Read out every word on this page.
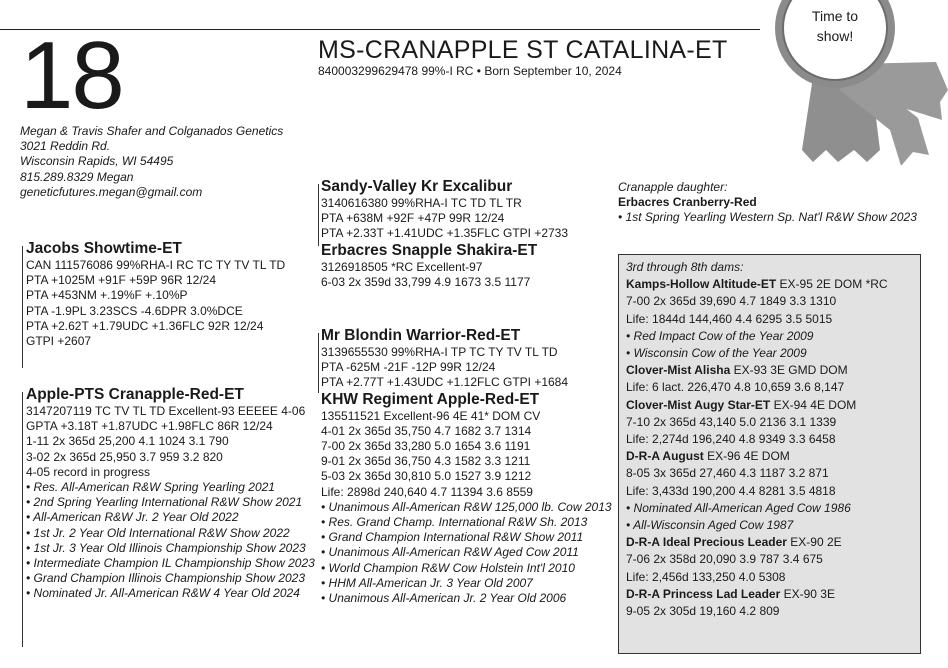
Time to
show!
18	MS-CRANAPPLE ST CATALINA-ET
840003299629478 99%-I RC • Born September 10, 2024
Megan & Travis Shafer and Colganados Genetics
3021 Reddin Rd.
Wisconsin Rapids, WI 54495
815.289.8329 Megan
geneticfutures.megan@gmail.com
Jacobs Showtime-ET
CAN 111576086 99%RHA-I RC TC TY TV TL TD
PTA +1025M +91F +59P 96R 12/24
PTA +453NM +.19%F +.10%P
PTA -1.9PL 3.23SCS -4.6DPR 3.0%DCE
PTA +2.62T +1.79UDC +1.36FLC 92R 12/24
GTPI +2607
Apple-PTS Cranapple-Red-ET
3147207119 TC TV TL TD Excellent-93 EEEEE 4-06
GPTA +3.18T +1.87UDC +1.98FLC 86R 12/24
1-11 2x 365d 25,200 4.1 1024 3.1 790
3-02 2x 365d 25,950 3.7 959 3.2 820
4-05 record in progress
• Res. All-American R&W Spring Yearling 2021
• 2nd Spring Yearling International R&W Show 2021
• All-American R&W Jr. 2 Year Old 2022
• 1st Jr. 2 Year Old International R&W Show 2022
• 1st Jr. 3 Year Old Illinois Championship Show 2023
• Intermediate Champion IL Championship Show 2023
• Grand Champion Illinois Championship Show 2023
• Nominated Jr. All-American R&W 4 Year Old 2024
Sandy-Valley Kr Excalibur
3140616380 99%RHA-I TC TD TL TR
PTA +638M +92F +47P 99R 12/24
PTA +2.33T +1.41UDC +1.35FLC GTPI +2733
Erbacres Snapple Shakira-ET
3126918505 *RC Excellent-97
6-03 2x 359d 33,799 4.9 1673 3.5 1177
Mr Blondin Warrior-Red-ET
3139655530 99%RHA-I TP TC TY TV TL TD
PTA -625M -21F -12P 99R 12/24
PTA +2.77T +1.43UDC +1.12FLC GTPI +1684
KHW Regiment Apple-Red-ET
135511521 Excellent-96 4E 41* DOM CV
4-01 2x 365d 35,750 4.7 1682 3.7 1314
7-00 2x 365d 33,280 5.0 1654 3.6 1191
9-01 2x 365d 36,750 4.3 1582 3.3 1211
5-03 2x 365d 30,810 5.0 1527 3.9 1212
Life: 2898d 240,640 4.7 11394 3.6 8559
• Unanimous All-American R&W 125,000 lb. Cow 2013
• Res. Grand Champ. International R&W Sh. 2013
• Grand Champion International R&W Show 2011
• Unanimous All-American R&W Aged Cow 2011
• World Champion R&W Cow Holstein Int'l 2010
• HHM All-American Jr. 3 Year Old 2007
• Unanimous All-American Jr. 2 Year Old 2006
Cranapple daughter:
Erbacres Cranberry-Red
• 1st Spring Yearling Western Sp. Nat'l R&W Show 2023
3rd through 8th dams:
Kamps-Hollow Altitude-ET EX-95 2E DOM *RC
7-00 2x 365d 39,690 4.7 1849 3.3 1310
Life: 1844d 144,460 4.4 6295 3.5 5015
• Red Impact Cow of the Year 2009
• Wisconsin Cow of the Year 2009
Clover-Mist Alisha EX-93 3E GMD DOM
Life: 6 lact. 226,470 4.8 10,659 3.6 8,147
Clover-Mist Augy Star-ET EX-94 4E DOM
7-10 2x 365d 43,140 5.0 2136 3.1 1339
Life: 2,274d 196,240 4.8 9349 3.3 6458
D-R-A August EX-96 4E DOM
8-05 3x 365d 27,460 4.3 1187 3.2 871
Life: 3,433d 190,200 4.4 8281 3.5 4818
• Nominated All-American Aged Cow 1986
• All-Wisconsin Aged Cow 1987
D-R-A Ideal Precious Leader EX-90 2E
7-06 2x 358d 20,090 3.9 787 3.4 675
Life: 2,456d 133,250 4.0 5308
D-R-A Princess Lad Leader EX-90 3E
9-05 2x 305d 19,160 4.2 809
